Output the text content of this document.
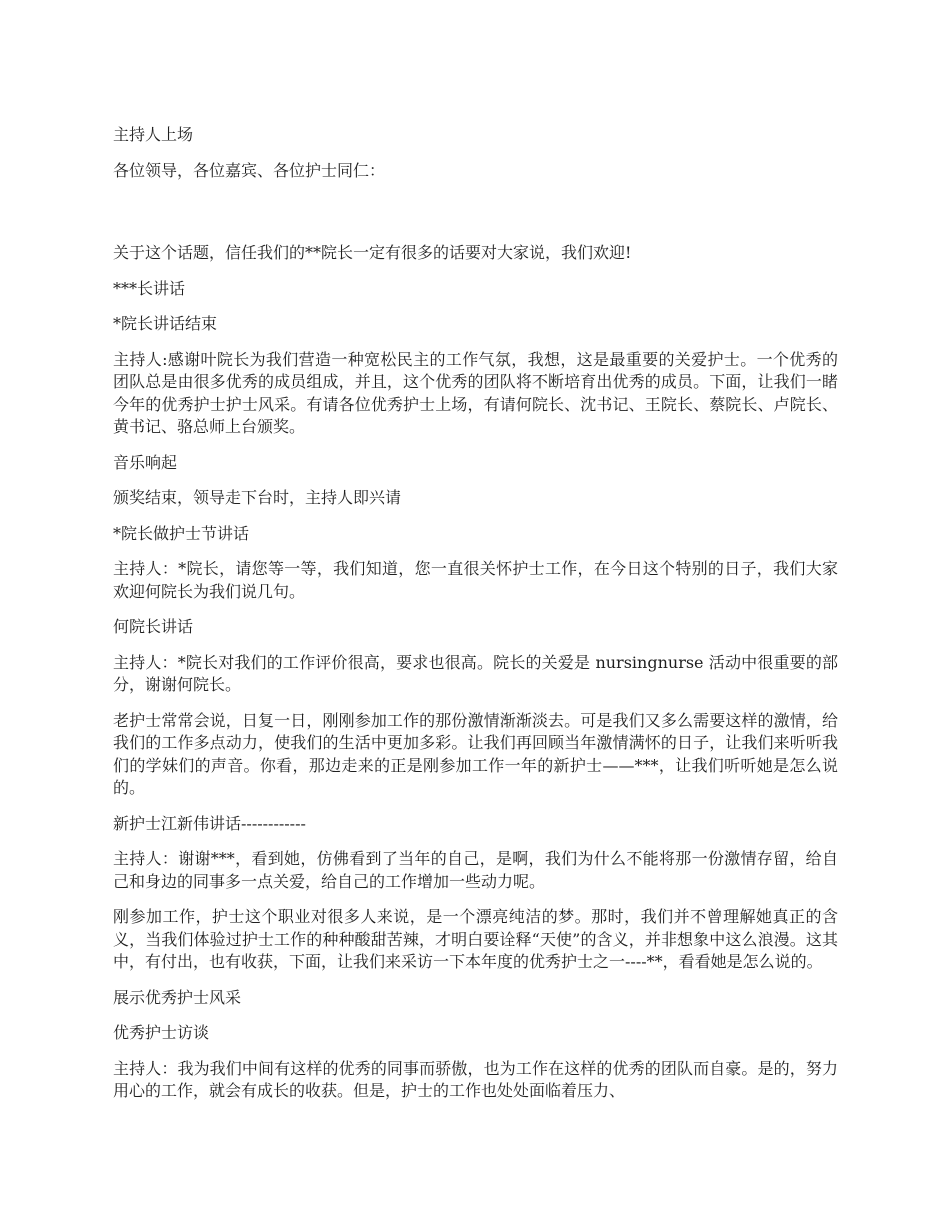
主持人上场

各位领导，各位嘉宾、各位护士同仁：

关于这个话题，信任我们的**院长一定有很多的话要对大家说，我们欢迎!

***长讲话

*院长讲话结束

主持人:感谢叶院长为我们营造一种宽松民主的工作气氛，我想，这是最重要的关爱护士。一个优秀的团队总是由很多优秀的成员组成，并且，这个优秀的团队将不断培育出优秀的成员。下面，让我们一睹今年的优秀护士护士风采。有请各位优秀护士上场，有请何院长、沈书记、王院长、蔡院长、卢院长、黄书记、骆总师上台颁奖。

音乐响起

颁奖结束，领导走下台时，主持人即兴请

*院长做护士节讲话

主持人：*院长，请您等一等，我们知道，您一直很关怀护士工作，在今日这个特别的日子，我们大家欢迎何院长为我们说几句。

何院长讲话

主持人：*院长对我们的工作评价很高，要求也很高。院长的关爱是 nursingnurse 活动中很重要的部分，谢谢何院长。

老护士常常会说，日复一日，刚刚参加工作的那份激情渐渐淡去。可是我们又多么需要这样的激情，给我们的工作多点动力，使我们的生活中更加多彩。让我们再回顾当年激情满怀的日子，让我们来听听我们的学妹们的声音。你看，那边走来的正是刚参加工作一年的新护士——***，让我们听听她是怎么说的。

新护士江新伟讲话------------

主持人：谢谢***，看到她，仿佛看到了当年的自己，是啊，我们为什么不能将那一份激情存留，给自己和身边的同事多一点关爱，给自己的工作增加一些动力呢。

刚参加工作，护士这个职业对很多人来说，是一个漂亮纯洁的梦。那时，我们并不曾理解她真正的含义，当我们体验过护士工作的种种酸甜苦辣，才明白要诠释“天使”的含义，并非想象中这么浪漫。这其中，有付出，也有收获，下面，让我们来采访一下本年度的优秀护士之一----**，看看她是怎么说的。

展示优秀护士风采

优秀护士访谈

主持人：我为我们中间有这样的优秀的同事而骄傲，也为工作在这样的优秀的团队而自豪。是的，努力用心的工作，就会有成长的收获。但是，护士的工作也处处面临着压力、
